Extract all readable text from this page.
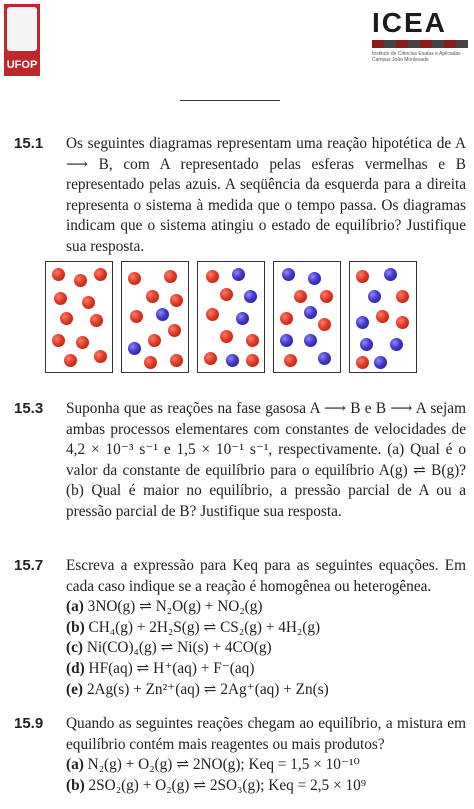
UFOP
ICEA
Instituto de Ciências Exatas e Aplicadas · Campus João Monlevade
15.1 Os seguintes diagramas representam uma reação hipotética de A ⟶ B, com A representado pelas esferas vermelhas e B representado pelas azuis. A seqüência da esquerda para a direita representa o sistema à medida que o tempo passa. Os diagramas indicam que o sistema atingiu o estado de equilíbrio? Justifique sua resposta.

15.3 Suponha que as reações na fase gasosa A ⟶ B e B ⟶ A sejam ambas processos elementares com constantes de velocidades de 4,2 × 10⁻³ s⁻¹ e 1,5 × 10⁻¹ s⁻¹, respectivamente. (a) Qual é o valor da constante de equilíbrio para o equilíbrio A(g) ⇌ B(g)? (b) Qual é maior no equilíbrio, a pressão parcial de A ou a pressão parcial de B? Justifique sua resposta.

15.7 Escreva a expressão para Keq para as seguintes equações. Em cada caso indique se a reação é homogênea ou heterogênea.

(a) 3NO(g) ⇌ N₂O(g) + NO₂(g)
(b) CH₄(g) + 2H₂S(g) ⇌ CS₂(g) + 4H₂(g)
(c) Ni(CO)₄(g) ⇌ Ni(s) + 4CO(g)
(d) HF(aq) ⇌ H⁺(aq) + F⁻(aq)
(e) 2Ag(s) + Zn²⁺(aq) ⇌ 2Ag⁺(aq) + Zn(s)
15.9 Quando as seguintes reações chegam ao equilíbrio, a mistura em equilíbrio contém mais reagentes ou mais produtos?

(a) N₂(g) + O₂(g) ⇌ 2NO(g); Keq = 1,5 × 10⁻¹⁰
(b) 2SO₂(g) + O₂(g) ⇌ 2SO₃(g); Keq = 2,5 × 10⁹
